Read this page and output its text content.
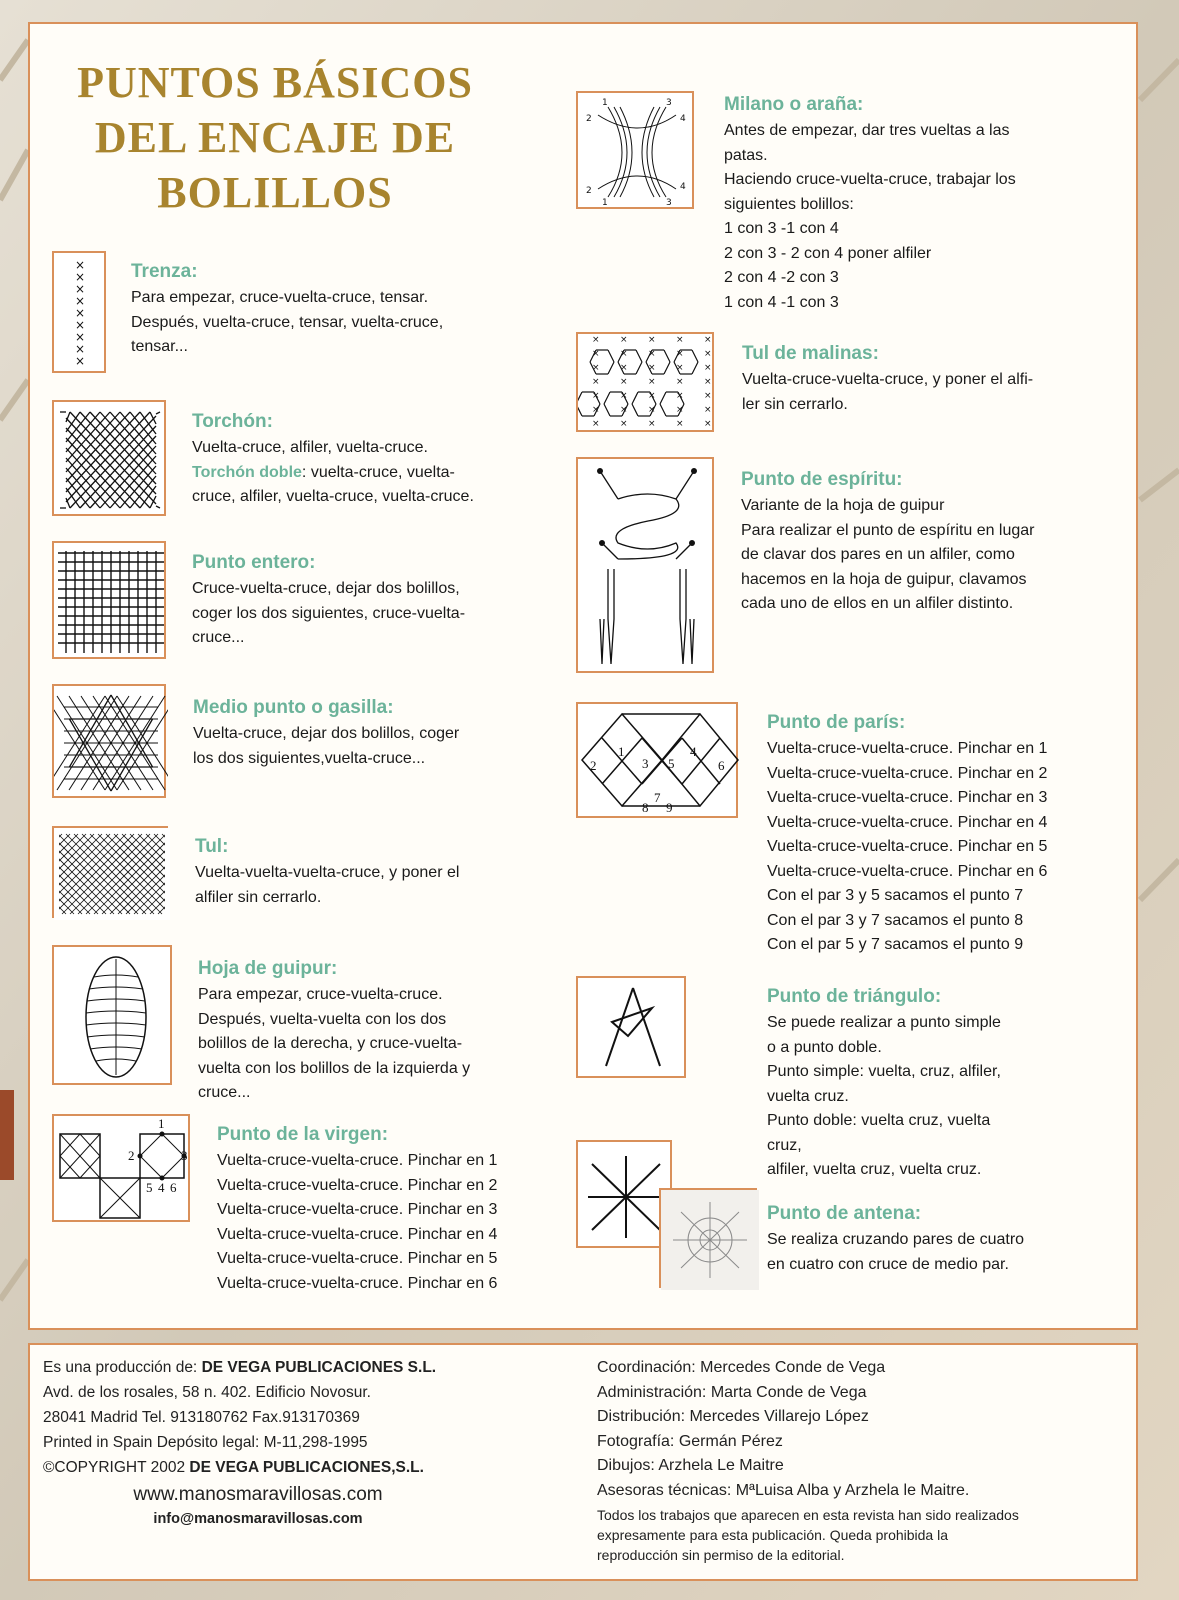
PUNTOS BÁSICOS
DEL ENCAJE DE
BOLILLOS
×
×
×
×
×
×
×
×
×
Trenza:

Para empezar, cruce-vuelta-cruce, tensar.
Después, vuelta-cruce, tensar, vuelta-cruce,
tensar...

Torchón:

Vuelta-cruce, alfiler, vuelta-cruce.

Torchón doble: vuelta-cruce, vuelta-
cruce, alfiler, vuelta-cruce, vuelta-cruce.

Punto entero:

Cruce-vuelta-cruce, dejar dos bolillos,
coger los dos siguientes, cruce-vuelta-
cruce...

Medio punto o gasilla:

Vuelta-cruce, dejar dos bolillos, coger
los dos siguientes,vuelta-cruce...

Tul:

Vuelta-vuelta-vuelta-cruce, y poner el
alfiler sin cerrarlo.

Hoja de guipur:

Para empezar, cruce-vuelta-cruce.
Después, vuelta-vuelta con los dos
bolillos de la derecha, y cruce-vuelta-
vuelta con los bolillos de la izquierda y
cruce...

1
2	3
5 4 6
Punto de la virgen:

Vuelta-cruce-vuelta-cruce. Pinchar en 1
Vuelta-cruce-vuelta-cruce. Pinchar en 2
Vuelta-cruce-vuelta-cruce. Pinchar en 3
Vuelta-cruce-vuelta-cruce. Pinchar en 4
Vuelta-cruce-vuelta-cruce. Pinchar en 5
Vuelta-cruce-vuelta-cruce. Pinchar en 6

1	3
2	4
2	4
1	3
Milano o araña:

Antes de empezar, dar tres vueltas a las
patas.
Haciendo cruce-vuelta-cruce, trabajar los
siguientes bolillos:
1 con 3 -1 con 4
2 con 3 - 2 con 4 poner alfiler
2 con 4 -2 con 3
1 con 4 -1 con 3

×
×
×
×
×
×
×
×
×
×
×
×
×
×
×
×
×
×
×
×
×
×
×
×
×
×
×
×
×
×
×
×
×
×
×
Tul de malinas:

Vuelta-cruce-vuelta-cruce, y poner el alfi-
ler sin cerrarlo.

Punto de espíritu:

Variante de la hoja de guipur
Para realizar el punto de espíritu en lugar
de clavar dos pares en un alfiler, como
hacemos en la hoja de guipur, clavamos
cada uno de ellos en un alfiler distinto.

1
2	3 5
4
6
7
8 9
Punto de parís:

Vuelta-cruce-vuelta-cruce. Pinchar en 1
Vuelta-cruce-vuelta-cruce. Pinchar en 2
Vuelta-cruce-vuelta-cruce. Pinchar en 3
Vuelta-cruce-vuelta-cruce. Pinchar en 4
Vuelta-cruce-vuelta-cruce. Pinchar en 5
Vuelta-cruce-vuelta-cruce. Pinchar en 6
Con el par 3 y 5 sacamos el punto 7
Con el par 3 y 7 sacamos el punto 8
Con el par 5 y 7 sacamos el punto 9

Punto de triángulo:

Se puede realizar a punto simple
o a punto doble.
Punto simple: vuelta, cruz, alfiler,
vuelta cruz.
Punto doble: vuelta cruz, vuelta
cruz,
alfiler, vuelta cruz, vuelta cruz.

Punto de antena:

Se realiza cruzando pares de cuatro
en cuatro con cruce de medio par.

Es una producción de: DE VEGA PUBLICACIONES S.L.
Avd. de los rosales, 58 n. 402. Edificio Novosur.
28041 Madrid Tel. 913180762 Fax.913170369
Printed in Spain Depósito legal: M-11,298-1995
©COPYRIGHT 2002 DE VEGA PUBLICACIONES,S.L.
www.manosmaravillosas.com
info@manosmaravillosas.com
Coordinación: Mercedes Conde de Vega
Administración: Marta Conde de Vega
Distribución: Mercedes Villarejo López
Fotografía: Germán Pérez
Dibujos: Arzhela Le Maitre
Asesoras técnicas: MªLuisa Alba y Arzhela le Maitre.
Todos los trabajos que aparecen en esta revista han sido realizados
expresamente para esta publicación. Queda prohibida la
reproducción sin permiso de la editorial.
